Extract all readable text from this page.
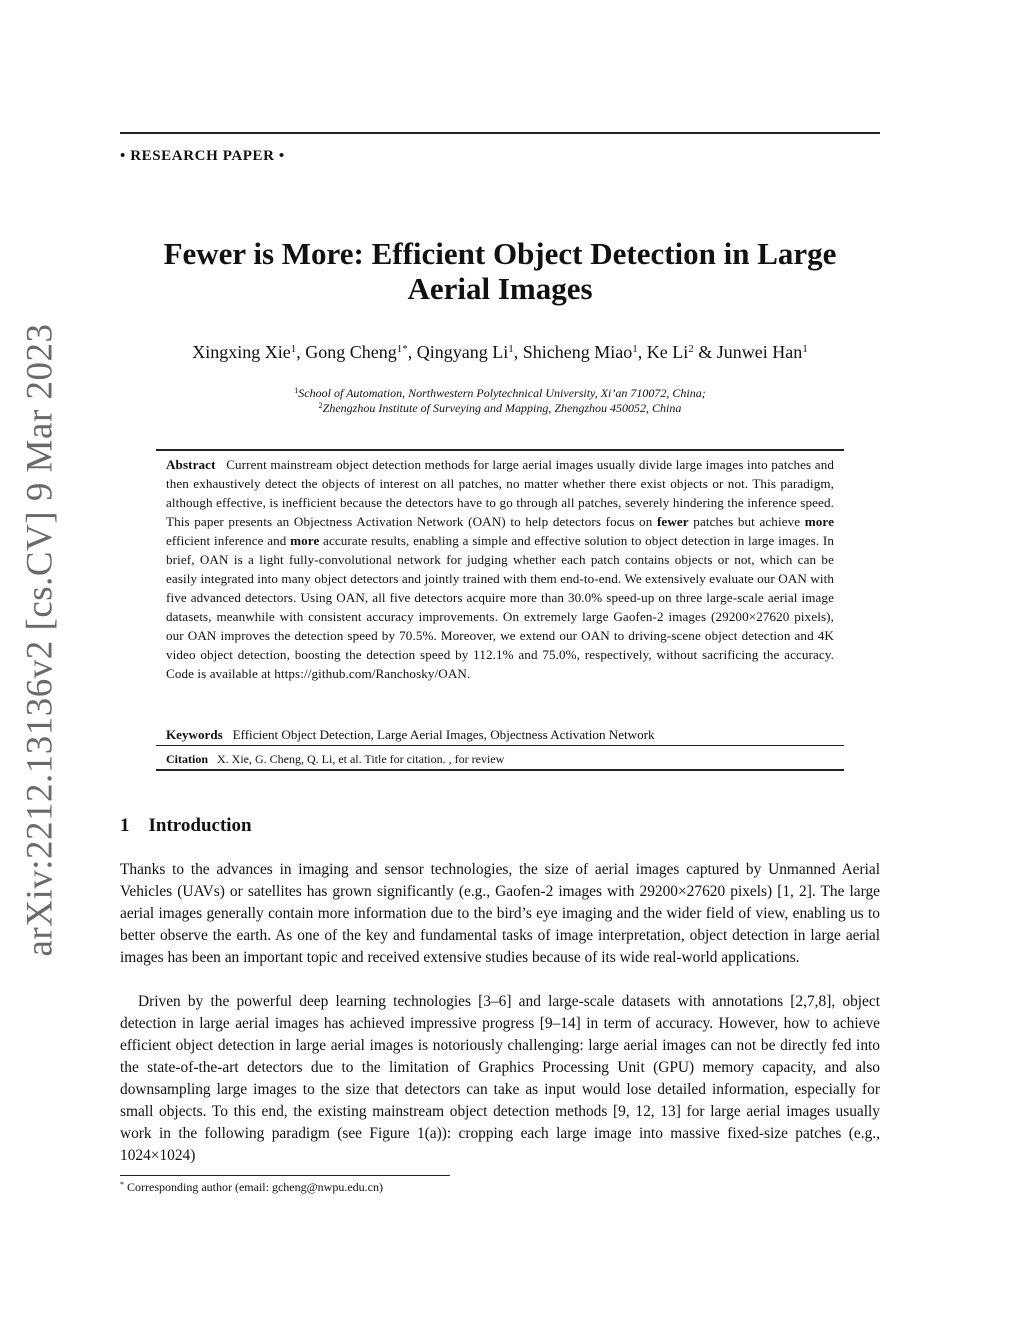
arXiv:2212.13136v2 [cs.CV] 9 Mar 2023
• RESEARCH PAPER •
Fewer is More: Efficient Object Detection in Large
Aerial Images
Xingxing Xie$^1$, Gong Cheng$^{1*}$, Qingyang Li$^1$, Shicheng Miao$^1$, Ke Li$^2$ & Junwei Han$^1$
$^1$School of Automation, Northwestern Polytechnical University, Xi’an 710072, China;
$^2$Zhengzhou Institute of Surveying and Mapping, Zhengzhou 450052, China
Abstract Current mainstream object detection methods for large aerial images usually divide large images into patches and then exhaustively detect the objects of interest on all patches, no matter whether there exist objects or not. This paradigm, although effective, is inefficient because the detectors have to go through all patches, severely hindering the inference speed. This paper presents an Objectness Activation Network (OAN) to help detectors focus on fewer patches but achieve more efficient inference and more accurate results, enabling a simple and effective solution to object detection in large images. In brief, OAN is a light fully-convolutional network for judging whether each patch contains objects or not, which can be easily integrated into many object detectors and jointly trained with them end-to-end. We extensively evaluate our OAN with five advanced detectors. Using OAN, all five detectors acquire more than 30.0% speed-up on three large-scale aerial image datasets, meanwhile with consistent accuracy improvements. On extremely large Gaofen-2 images (29200×27620 pixels), our OAN improves the detection speed by 70.5%. Moreover, we extend our OAN to driving-scene object detection and 4K video object detection, boosting the detection speed by 112.1% and 75.0%, respectively, without sacrificing the accuracy. Code is available at https://github.com/Ranchosky/OAN.
Keywords Efficient Object Detection, Large Aerial Images, Objectness Activation Network
Citation X. Xie, G. Cheng, Q. Li, et al. Title for citation. , for review
1    Introduction
Thanks to the advances in imaging and sensor technologies, the size of aerial images captured by Unmanned Aerial Vehicles (UAVs) or satellites has grown significantly (e.g., Gaofen-2 images with 29200×27620 pixels) [1, 2]. The large aerial images generally contain more information due to the bird’s eye imaging and the wider field of view, enabling us to better observe the earth. As one of the key and fundamental tasks of image interpretation, object detection in large aerial images has been an important topic and received extensive studies because of its wide real-world applications.
Driven by the powerful deep learning technologies [3–6] and large-scale datasets with annotations [2,7,8], object detection in large aerial images has achieved impressive progress [9–14] in term of accuracy. However, how to achieve efficient object detection in large aerial images is notoriously challenging: large aerial images can not be directly fed into the state-of-the-art detectors due to the limitation of Graphics Processing Unit (GPU) memory capacity, and also downsampling large images to the size that detectors can take as input would lose detailed information, especially for small objects. To this end, the existing mainstream object detection methods [9, 12, 13] for large aerial images usually work in the following paradigm (see Figure 1(a)): cropping each large image into massive fixed-size patches (e.g., 1024×1024)
* Corresponding author (email: gcheng@nwpu.edu.cn)
